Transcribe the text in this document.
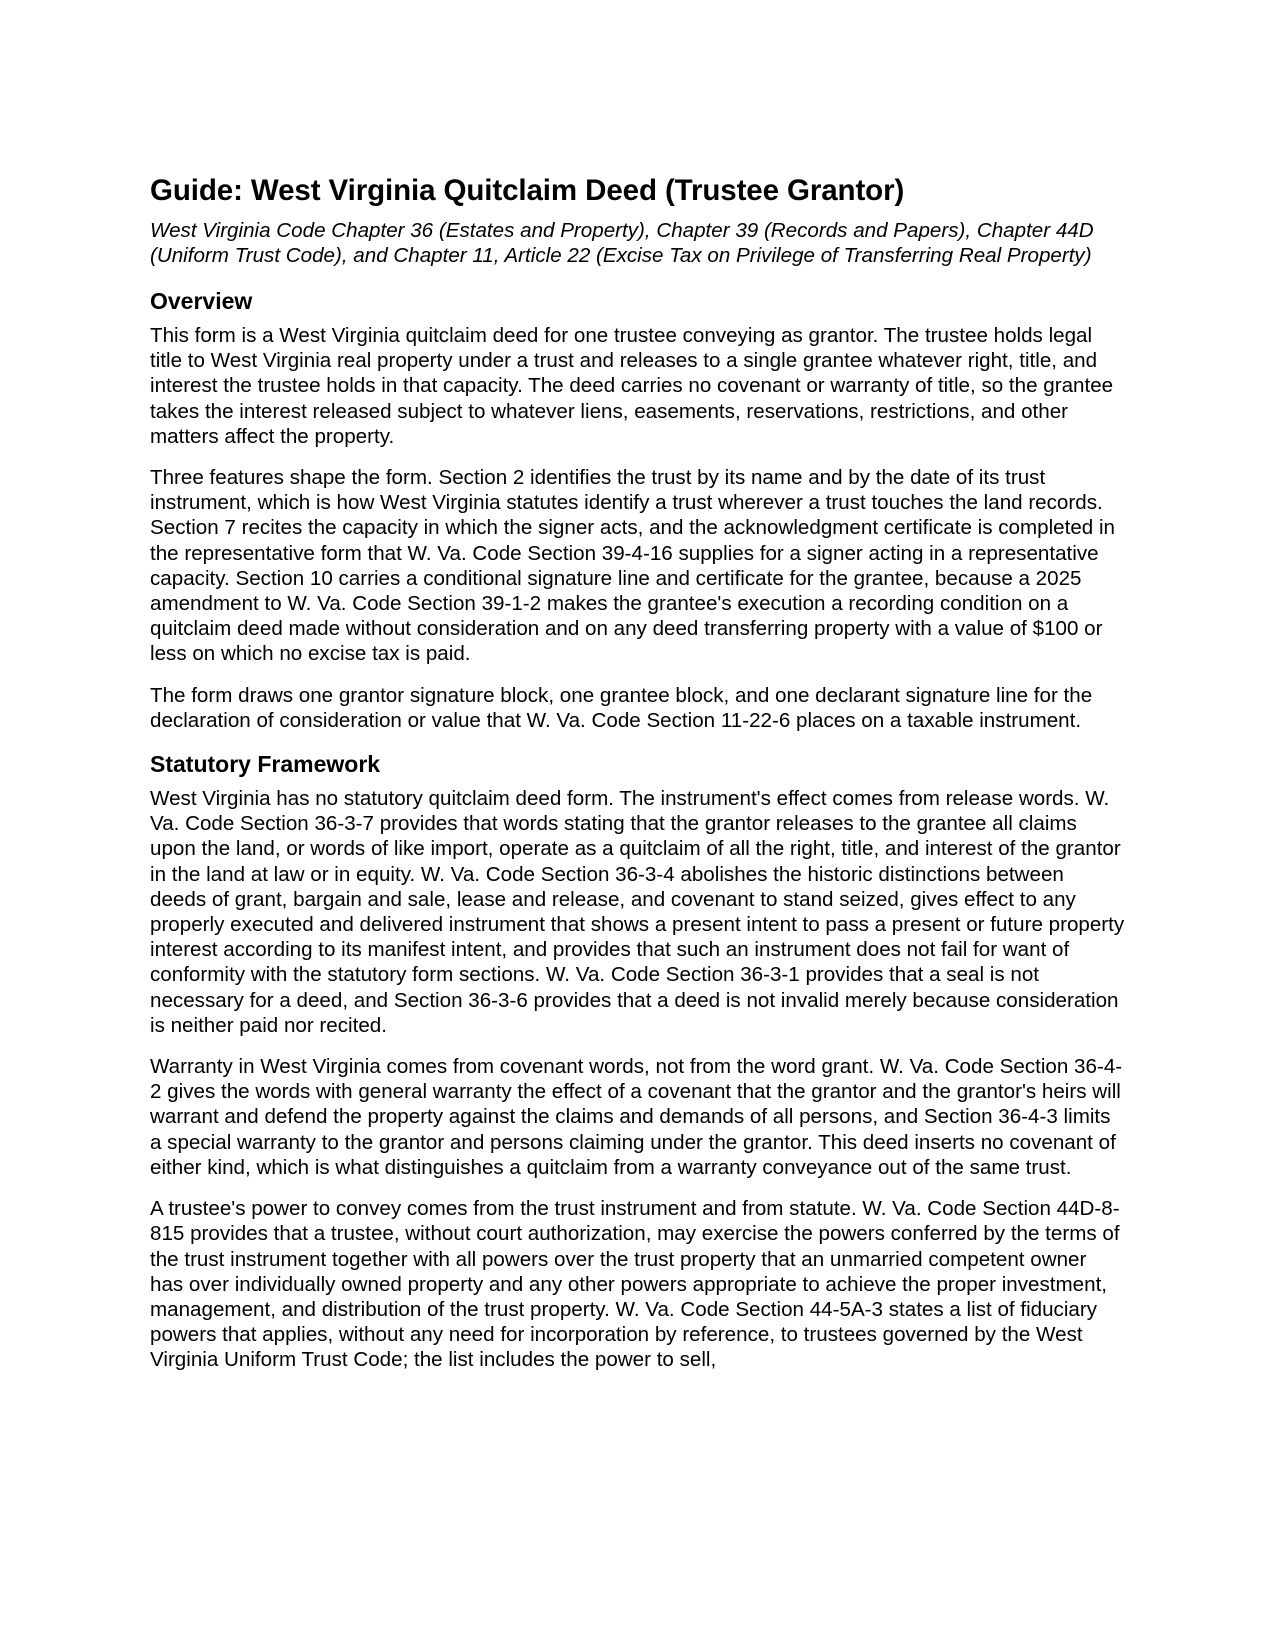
Guide: West Virginia Quitclaim Deed (Trustee Grantor)

West Virginia Code Chapter 36 (Estates and Property), Chapter 39 (Records and Papers), Chapter 44D (Uniform Trust Code), and Chapter 11, Article 22 (Excise Tax on Privilege of Transferring Real Property)

Overview

This form is a West Virginia quitclaim deed for one trustee conveying as grantor. The trustee holds legal title to West Virginia real property under a trust and releases to a single grantee whatever right, title, and interest the trustee holds in that capacity. The deed carries no covenant or warranty of title, so the grantee takes the interest released subject to whatever liens, easements, reservations, restrictions, and other matters affect the property.

Three features shape the form. Section 2 identifies the trust by its name and by the date of its trust instrument, which is how West Virginia statutes identify a trust wherever a trust touches the land records. Section 7 recites the capacity in which the signer acts, and the acknowledgment certificate is completed in the representative form that W. Va. Code Section 39-4-16 supplies for a signer acting in a representative capacity. Section 10 carries a conditional signature line and certificate for the grantee, because a 2025 amendment to W. Va. Code Section 39-1-2 makes the grantee's execution a recording condition on a quitclaim deed made without consideration and on any deed transferring property with a value of $100 or less on which no excise tax is paid.

The form draws one grantor signature block, one grantee block, and one declarant signature line for the declaration of consideration or value that W. Va. Code Section 11-22-6 places on a taxable instrument.

Statutory Framework

West Virginia has no statutory quitclaim deed form. The instrument's effect comes from release words. W. Va. Code Section 36-3-7 provides that words stating that the grantor releases to the grantee all claims upon the land, or words of like import, operate as a quitclaim of all the right, title, and interest of the grantor in the land at law or in equity. W. Va. Code Section 36-3-4 abolishes the historic distinctions between deeds of grant, bargain and sale, lease and release, and covenant to stand seized, gives effect to any properly executed and delivered instrument that shows a present intent to pass a present or future property interest according to its manifest intent, and provides that such an instrument does not fail for want of conformity with the statutory form sections. W. Va. Code Section 36-3-1 provides that a seal is not necessary for a deed, and Section 36-3-6 provides that a deed is not invalid merely because consideration is neither paid nor recited.

Warranty in West Virginia comes from covenant words, not from the word grant. W. Va. Code Section 36-4-2 gives the words with general warranty the effect of a covenant that the grantor and the grantor's heirs will warrant and defend the property against the claims and demands of all persons, and Section 36-4-3 limits a special warranty to the grantor and persons claiming under the grantor. This deed inserts no covenant of either kind, which is what distinguishes a quitclaim from a warranty conveyance out of the same trust.

A trustee's power to convey comes from the trust instrument and from statute. W. Va. Code Section 44D-8-815 provides that a trustee, without court authorization, may exercise the powers conferred by the terms of the trust instrument together with all powers over the trust property that an unmarried competent owner has over individually owned property and any other powers appropriate to achieve the proper investment, management, and distribution of the trust property. W. Va. Code Section 44-5A-3 states a list of fiduciary powers that applies, without any need for incorporation by reference, to trustees governed by the West Virginia Uniform Trust Code; the list includes the power to sell,
